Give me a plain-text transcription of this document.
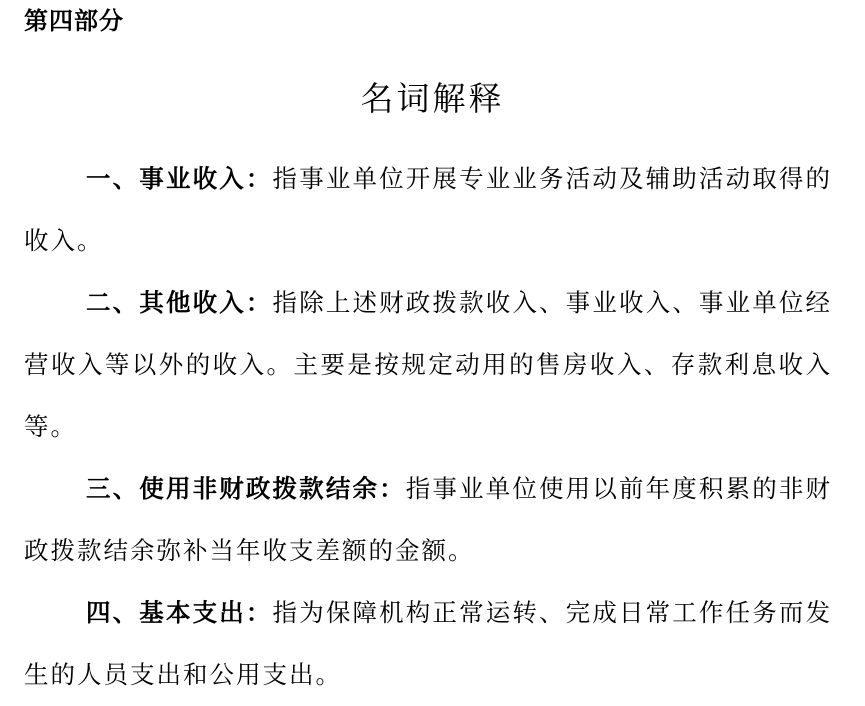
第四部分
名词解释

一、事业收入：指事业单位开展专业业务活动及辅助活动取得的收入。

二、其他收入：指除上述财政拨款收入、事业收入、事业单位经营收入等以外的收入。主要是按规定动用的售房收入、存款利息收入等。

三、使用非财政拨款结余：指事业单位使用以前年度积累的非财政拨款结余弥补当年收支差额的金额。

四、基本支出：指为保障机构正常运转、完成日常工作任务而发生的人员支出和公用支出。
